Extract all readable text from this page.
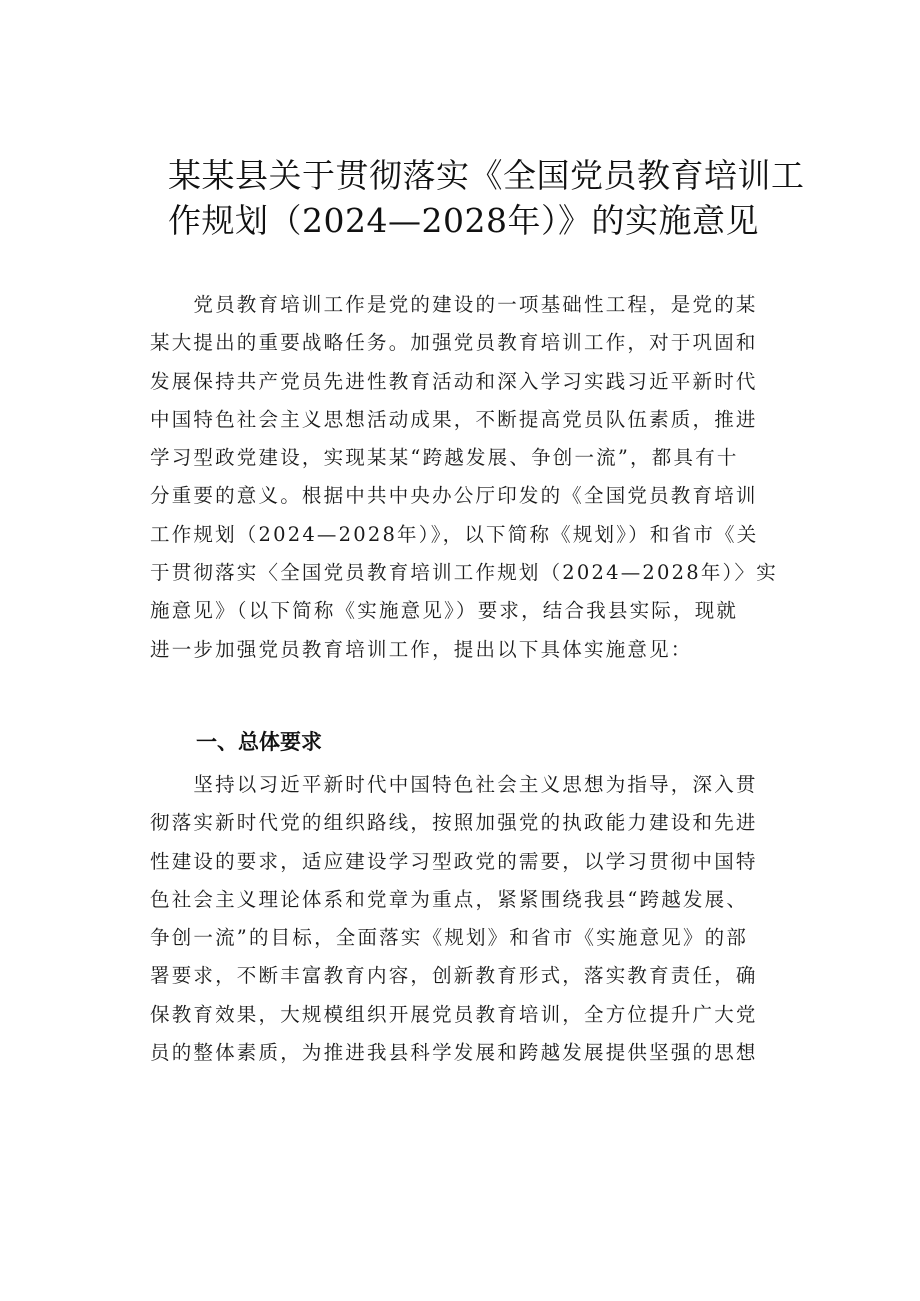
某某县关于贯彻落实《全国党员教育培训工
作规划（2024—2028年）》的实施意见
　　党员教育培训工作是党的建设的一项基础性工程，是党的某
某大提出的重要战略任务。加强党员教育培训工作，对于巩固和
发展保持共产党员先进性教育活动和深入学习实践习近平新时代
中国特色社会主义思想活动成果，不断提高党员队伍素质，推进
学习型政党建设，实现某某“跨越发展、争创一流”，都具有十
分重要的意义。根据中共中央办公厅印发的《全国党员教育培训
工作规划（2024—2028年）》，以下简称《规划》）和省市《关
于贯彻落实〈全国党员教育培训工作规划（2024—2028年）〉实
施意见》（以下简称《实施意见》）要求，结合我县实际，现就
进一步加强党员教育培训工作，提出以下具体实施意见：
一、总体要求
　　坚持以习近平新时代中国特色社会主义思想为指导，深入贯
彻落实新时代党的组织路线，按照加强党的执政能力建设和先进
性建设的要求，适应建设学习型政党的需要，以学习贯彻中国特
色社会主义理论体系和党章为重点，紧紧围绕我县“跨越发展、
争创一流”的目标，全面落实《规划》和省市《实施意见》的部
署要求，不断丰富教育内容，创新教育形式，落实教育责任，确
保教育效果，大规模组织开展党员教育培训，全方位提升广大党
员的整体素质，为推进我县科学发展和跨越发展提供坚强的思想
